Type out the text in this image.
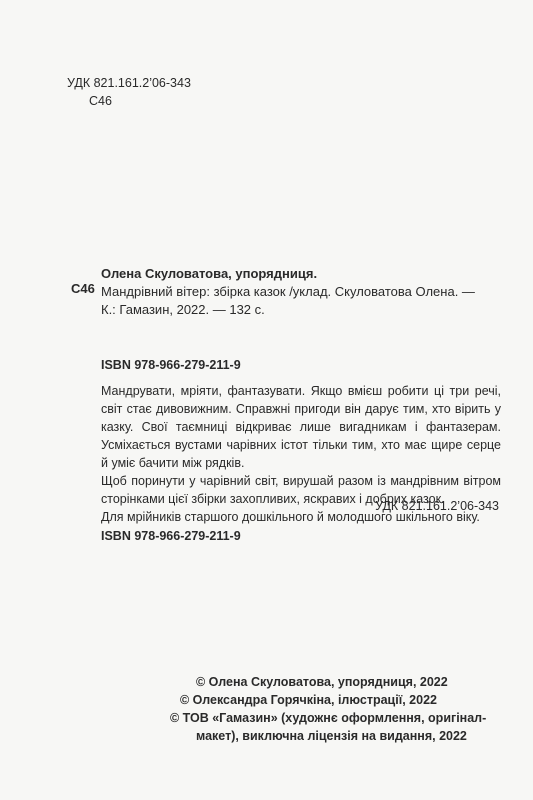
УДК 821.161.2’06-343
С46
С46
Олена Скуловатова, упорядниця.
Мандрівний вітер: збірка казок /уклад. Скуловатова Олена. —
К.: Гамазин, 2022. — 132 с.
ISBN 978-966-279-211-9

Мандрувати, мріяти, фантазувати. Якщо вмієш робити ці три речі, світ стає дивовижним. Справжні пригоди він дарує тим, хто вірить у казку. Свої таємниці відкриває лише вигадникам і фантазерам. Усміхається вустами чарівних істот тільки тим, хто має щире серце й уміє бачити між рядків.

Щоб поринути у чарівний світ, вирушай разом із мандрівним вітром сторінками цієї збірки захопливих, яскравих і добрих казок.

Для мрійників старшого дошкільного й молодшого шкільного віку.

УДК 821.161.2’06-343
ISBN 978-966-279-211-9
© Олена Скуловатова, упорядниця, 2022
© Олександра Горячкіна, ілюстрації, 2022
© ТОВ «Гамазин» (художнє оформлення, оригінал-
макет), виключна ліцензія на видання, 2022
